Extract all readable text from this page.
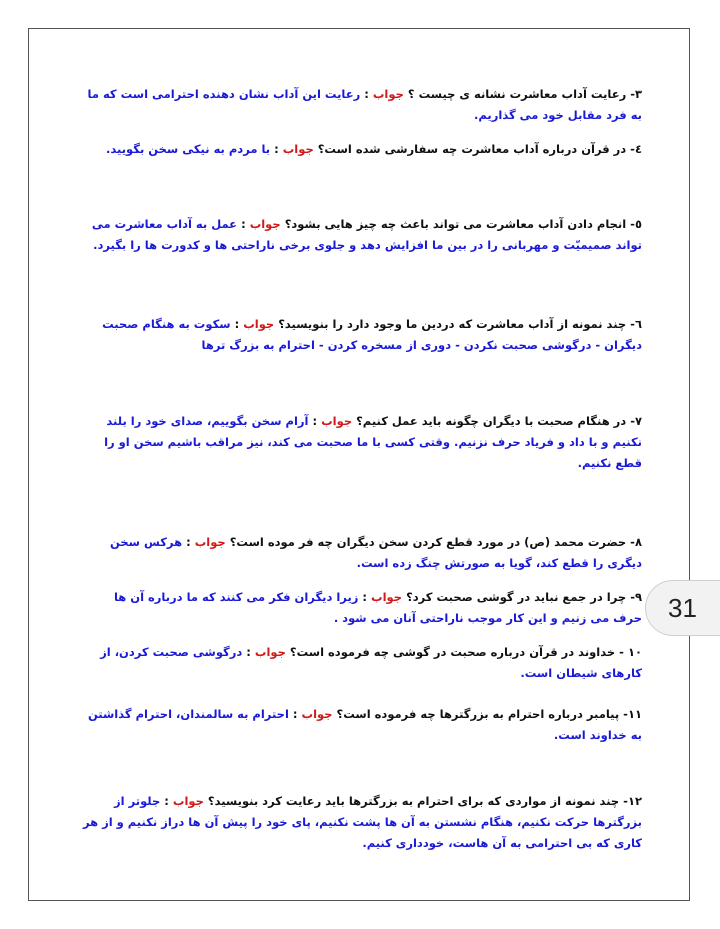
۳- رعایت آداب معاشرت نشانه ی چیست ؟ جواب : رعایت این آداب نشان دهنده احترامی است که ما به فرد مقابل خود می گذاریم.
٤- در قرآن درباره آداب معاشرت چه سفارشی شده است؟ جواب : با مردم به نیکی سخن بگویید.
٥- انجام دادن آداب معاشرت می تواند باعث چه چیز هایی بشود؟ جواب : عمل به آداب معاشرت می تواند صمیمیّت و مهربانی را در بین ما افزایش دهد و جلوی برخی ناراحتی ها و کدورت ها را بگیرد.
٦- چند نمونه از آداب معاشرت که دردین ما وجود دارد را بنویسید؟ جواب : سکوت به هنگام صحبت دیگران - درگوشی صحبت نکردن - دوری از مسخره کردن - احترام به بزرگ ترها
٧- در هنگام صحبت با دیگران چگونه باید عمل کنیم؟ جواب : آرام سخن بگوییم، صدای خود را بلند نکنیم و با داد و فریاد حرف نزنیم. وقتی کسی با ما صحبت می کند، نیز مراقب باشیم سخن او را قطع نکنیم.
٨- حضرت محمد (ص) در مورد قطع کردن سخن دیگران چه فر موده است؟ جواب : هرکس سخن دیگری را قطع کند، گویا به صورتش چنگ زده است.
٩- چرا در جمع نباید در گوشی صحبت کرد؟ جواب : زیرا دیگران فکر می کنند که ما درباره آن ها حرف می زنیم و این کار موجب ناراحتی آنان می شود .
١٠ - خداوند در قرآن درباره صحبت در گوشی چه فرموده است؟ جواب : درگوشی صحبت کردن، از کارهای شیطان است.
١١- پیامبر درباره احترام به بزرگترها چه فرموده است؟ جواب : احترام به سالمندان، احترام گذاشتن به خداوند است.
١٢- چند نمونه از مواردی که برای احترام به بزرگترها باید رعایت کرد بنویسید؟ جواب : جلوتر از بزرگترها حرکت نکنیم، هنگام نشستن به آن ها پشت نکنیم، پای خود را پیش آن ها دراز نکنیم و از هر کاری که بی احترامی به آن هاست، خودداری کنیم.
31
